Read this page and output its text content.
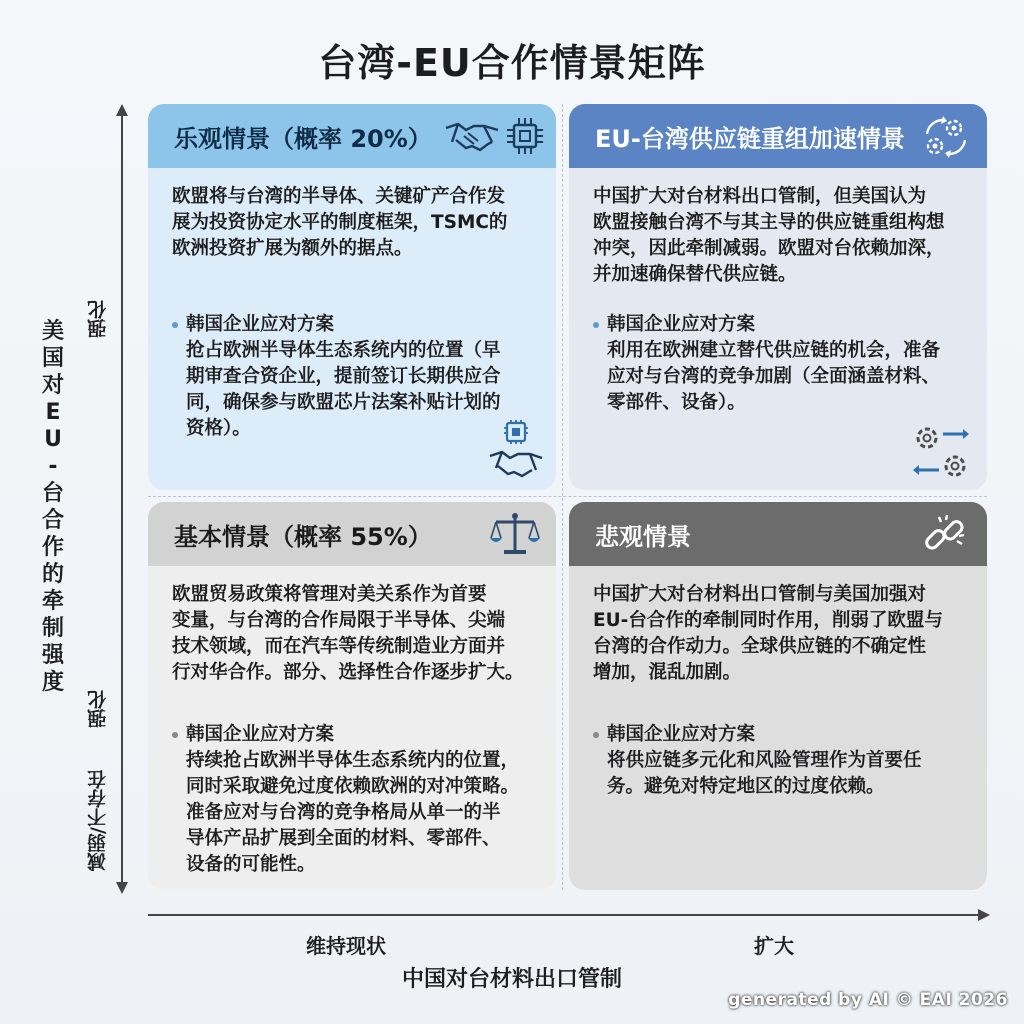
台湾-EU合作情景矩阵
美
国
对
E
U
-
台
合
作
的
牵
制
强
度
强化
强化
减弱/不存在
乐观情景（概率 20%）
欧盟将与台湾的半导体、关键矿产合作发
展为投资协定水平的制度框架，TSMC的
欧洲投资扩展为额外的据点。
韩国企业应对方案
抢占欧洲半导体生态系统内的位置（早
期审查合资企业，提前签订长期供应合
同，确保参与欧盟芯片法案补贴计划的
资格）。
EU-台湾供应链重组加速情景
中国扩大对台材料出口管制，但美国认为
欧盟接触台湾不与其主导的供应链重组构想
冲突，因此牵制减弱。欧盟对台依赖加深，
并加速确保替代供应链。
韩国企业应对方案
利用在欧洲建立替代供应链的机会，准备
应对与台湾的竞争加剧（全面涵盖材料、
零部件、设备）。
基本情景（概率 55%）
欧盟贸易政策将管理对美关系作为首要
变量，与台湾的合作局限于半导体、尖端
技术领域，而在汽车等传统制造业方面并
行对华合作。部分、选择性合作逐步扩大。
韩国企业应对方案
持续抢占欧洲半导体生态系统内的位置，
同时采取避免过度依赖欧洲的对冲策略。
准备应对与台湾的竞争格局从单一的半
导体产品扩展到全面的材料、零部件、
设备的可能性。
悲观情景
中国扩大对台材料出口管制与美国加强对
EU-台合作的牵制同时作用，削弱了欧盟与
台湾的合作动力。全球供应链的不确定性
增加，混乱加剧。
韩国企业应对方案
将供应链多元化和风险管理作为首要任
务。避免对特定地区的过度依赖。
维持现状	扩大
中国对台材料出口管制
generated by AI © EAI 2026
